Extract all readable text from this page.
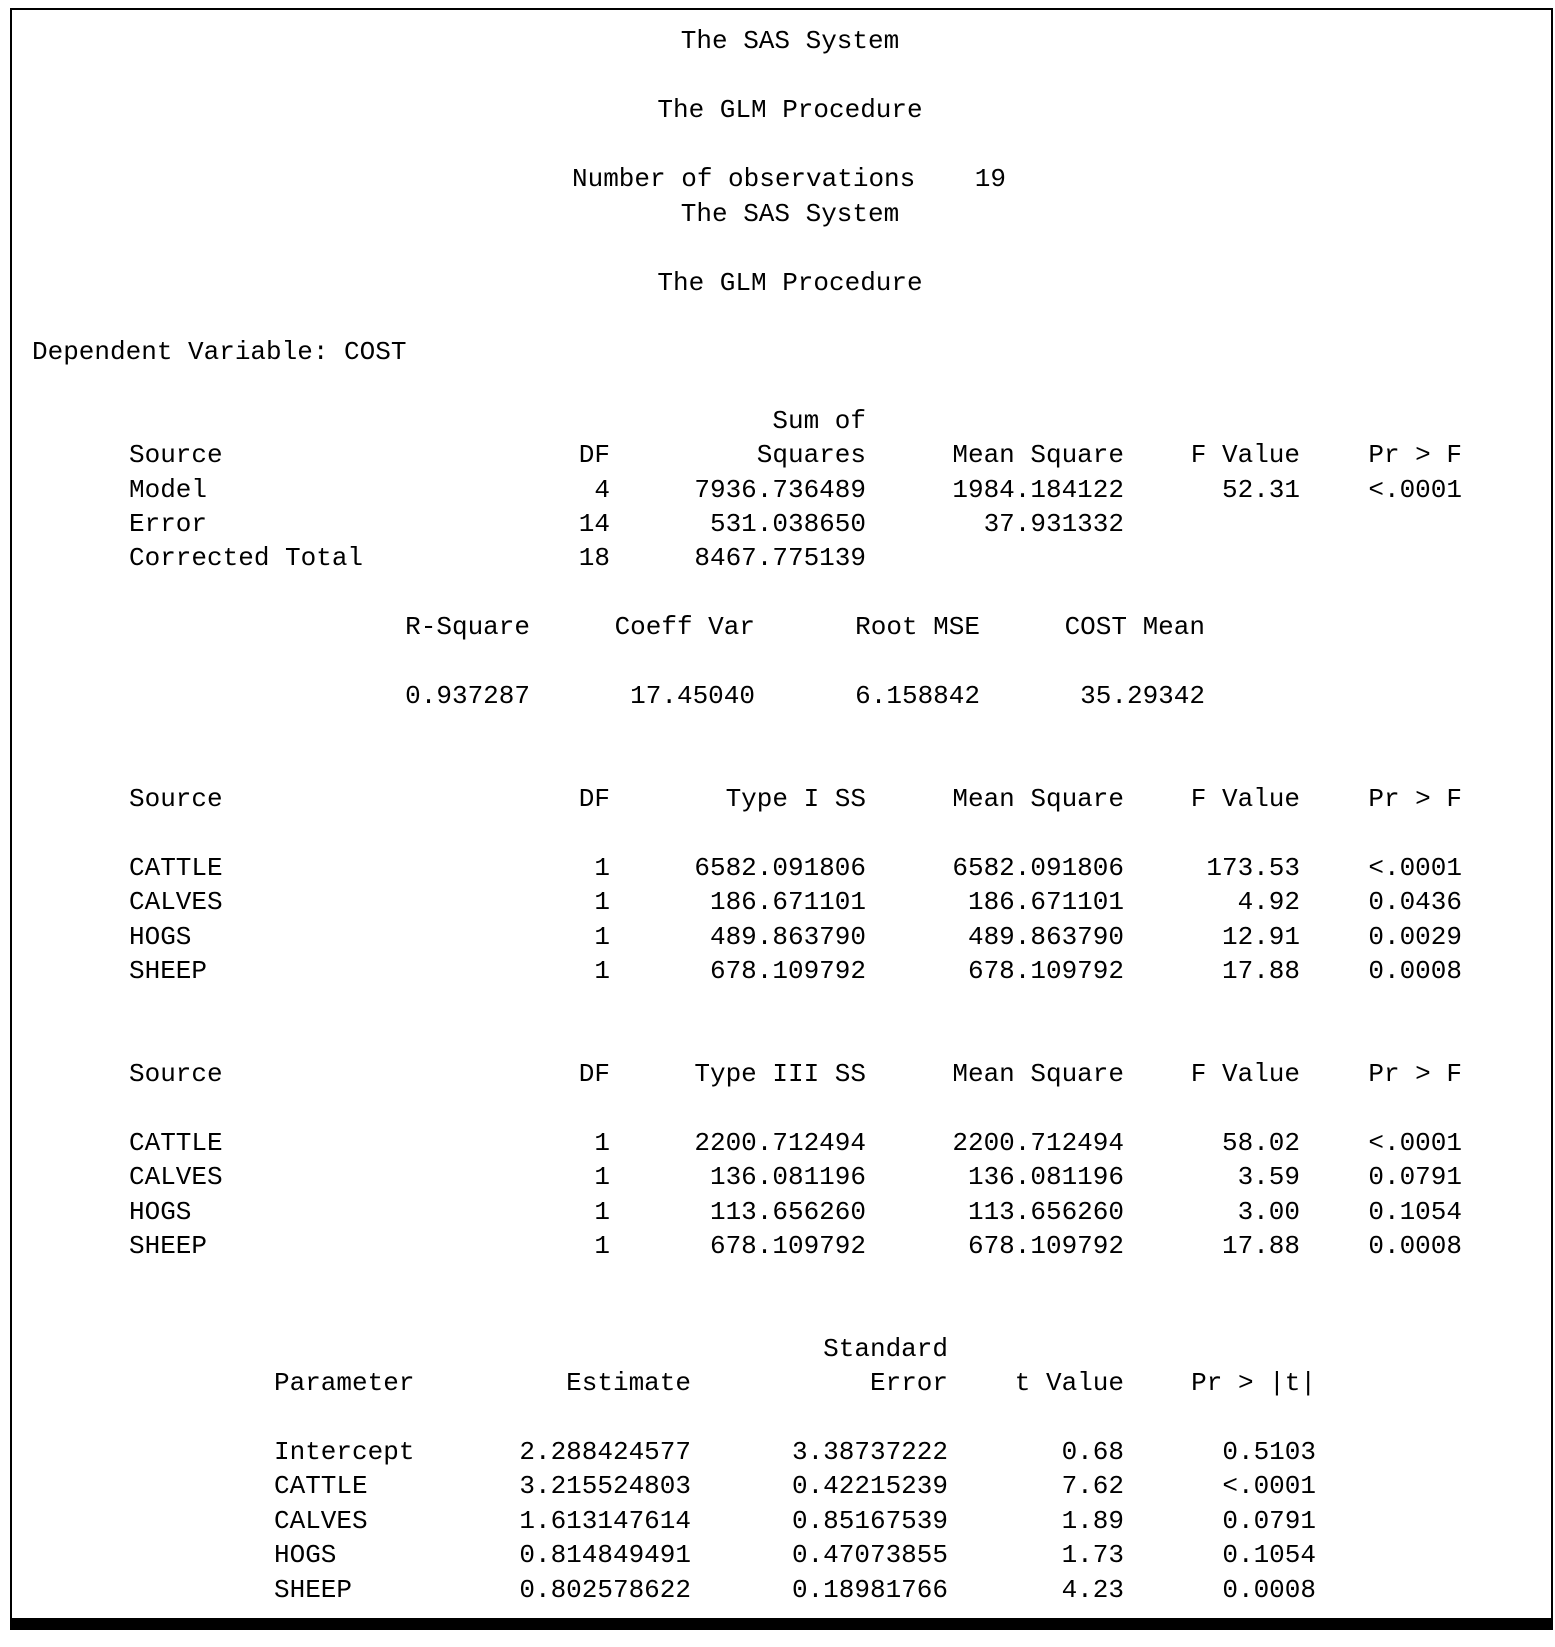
The SAS System
The GLM Procedure
Number of observations 19
The SAS System
The GLM Procedure
Dependent Variable: COST
Sum of
Source	DF	Squares	Mean Square	F Value	Pr > F
Model	4	7936.736489	1984.184122	52.31	<.0001
Error	14	531.038650	37.931332
Corrected Total	18	8467.775139
R-Square	Coeff Var	Root MSE	COST Mean
0.937287	17.45040	6.158842	35.29342
Source	DF	Type I SS	Mean Square	F Value	Pr > F
CATTLE	1	6582.091806	6582.091806	173.53	<.0001
CALVES	1	186.671101	186.671101	4.92	0.0436
HOGS	1	489.863790	489.863790	12.91	0.0029
SHEEP	1	678.109792	678.109792	17.88	0.0008
Source	DF	Type III SS	Mean Square	F Value	Pr > F
CATTLE	1	2200.712494	2200.712494	58.02	<.0001
CALVES	1	136.081196	136.081196	3.59	0.0791
HOGS	1	113.656260	113.656260	3.00	0.1054
SHEEP	1	678.109792	678.109792	17.88	0.0008
Standard
Parameter	Estimate	Error	t Value	Pr > |t|
Intercept	2.288424577	3.38737222	0.68	0.5103
CATTLE	3.215524803	0.42215239	7.62	<.0001
CALVES	1.613147614	0.85167539	1.89	0.0791
HOGS	0.814849491	0.47073855	1.73	0.1054
SHEEP	0.802578622	0.18981766	4.23	0.0008
